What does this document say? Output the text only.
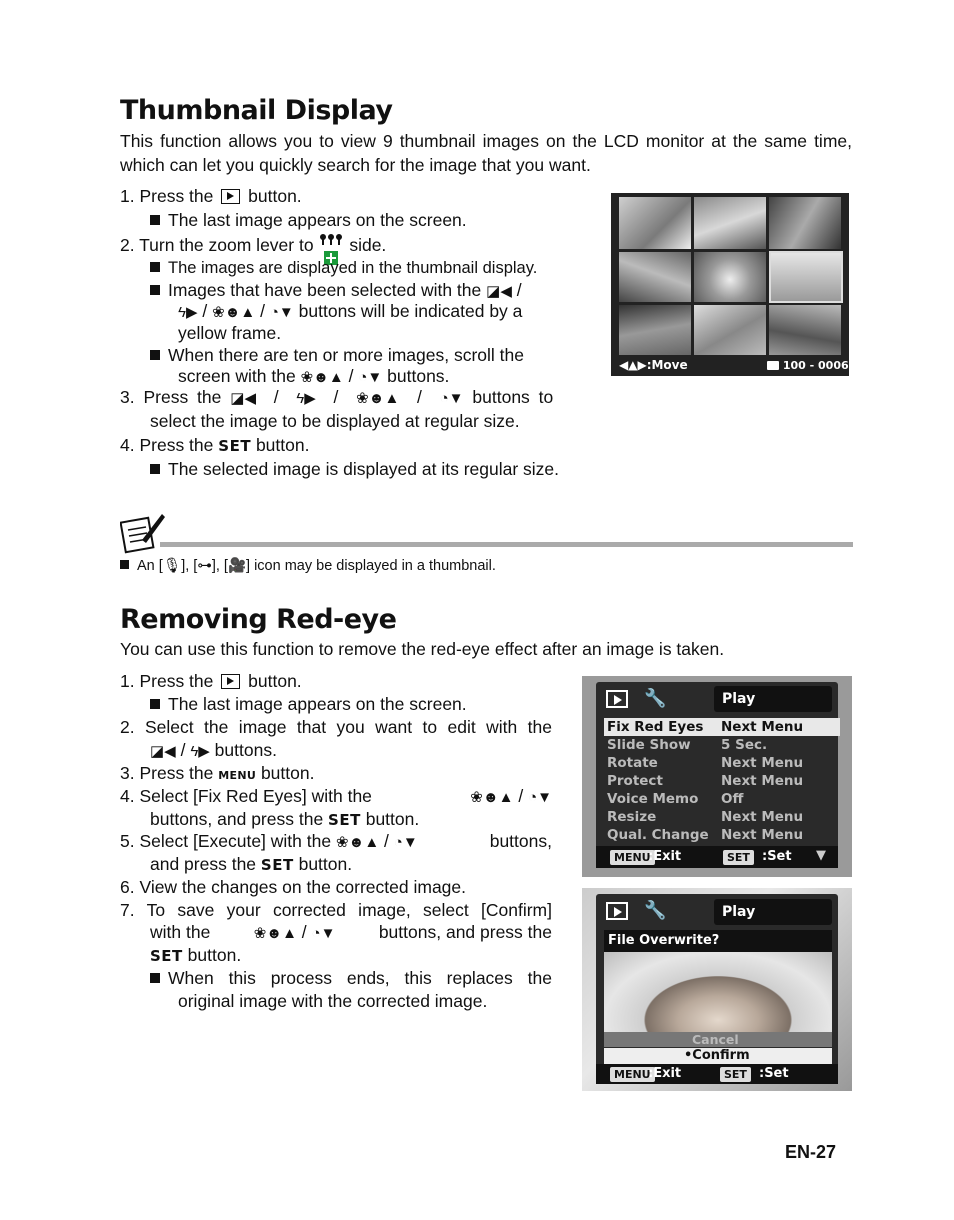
Thumbnail Display
This function allows you to view 9 thumbnail images on the LCD monitor at the same time, which can let you quickly search for the image that you want.
1. Press the button.
The last image appears on the screen.
2. Turn the zoom lever to side.
The images are displayed in the thumbnail display.
Images that have been selected with the ◪◀ /
ϟ▶ / ❀☻▲ / ◔▼ buttons will be indicated by a
yellow frame.
When there are ten or more images, scroll the
screen with the ❀☻▲ / ◔▼ buttons.
3. Press the ◪◀  /  ϟ▶  /  ❀☻▲  /  ◔▼ buttons to
select the image to be displayed at regular size.
4. Press the SET button.
The selected image is displayed at its regular size.
◀▲▶:Move	100 - 0006
An [🎙], [⊶], [🎥] icon may be displayed in a thumbnail.
Removing Red-eye
You can use this function to remove the red-eye effect after an image is taken.
1. Press the button.
The last image appears on the screen.
2. Select the image that you want to edit with the
◪◀ / ϟ▶ buttons.
3. Press the MENU button.
4. Select [Fix Red Eyes] with the	❀☻▲ / ◔▼
buttons, and press the SET button.
5. Select [Execute] with the ❀☻▲ / ◔▼	buttons,
and press the SET button.
6. View the changes on the corrected image.
7. To save your corrected image, select [Confirm]
with the	❀☻▲ / ◔▼ buttons, and press the
SET button.
When this process ends, this replaces the
original image with the corrected image.
🔧	Play
Fix Red Eyes Next Menu
Slide Show 5 Sec.
Rotate	Next Menu
Protect	Next Menu
Voice Memo Off
Resize	Next Menu
Qual. Change Next Menu
MENU
:Exit	SET :Set ▼
🔧	Play
File Overwrite?
Cancel
•Confirm
MENU
:Exit	SET :Set
EN-27
